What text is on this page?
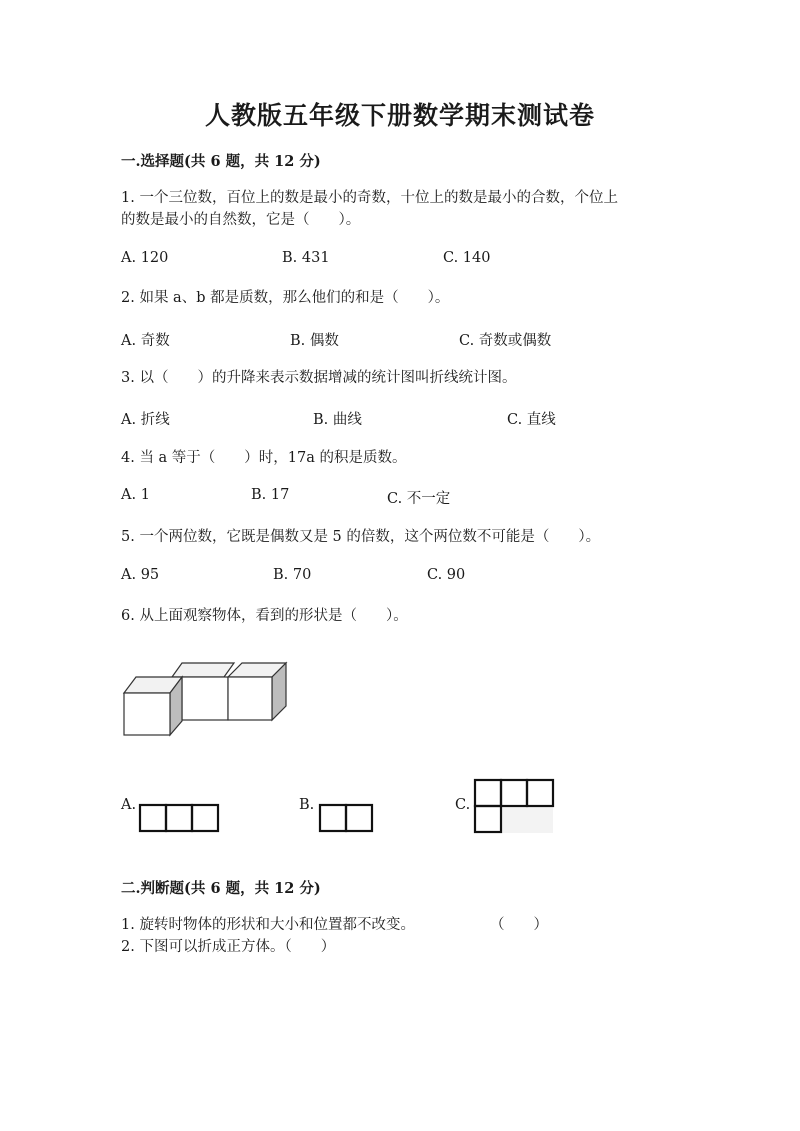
人教版五年级下册数学期末测试卷
一.选择题(共 6 题，共 12 分)
1. 一个三位数，百位上的数是最小的奇数，十位上的数是最小的合数，个位上
的数是最小的自然数，它是（　　）。
A. 120	B. 431	C. 140
2. 如果 a、b 都是质数，那么他们的和是（　　）。
A. 奇数	B. 偶数	C. 奇数或偶数
3. 以（　　）的升降来表示数据增减的统计图叫折线统计图。
A. 折线	B. 曲线	C. 直线
4. 当 a 等于（　　）时，17a 的积是质数。
A. 1	B. 17	C. 不一定
5. 一个两位数，它既是偶数又是 5 的倍数，这个两位数不可能是（　　）。
A. 95	B. 70	C. 90
6. 从上面观察物体，看到的形状是（　　）。
A.	B.	C.
二.判断题(共 6 题，共 12 分)
1. 旋转时物体的形状和大小和位置都不改变。	（　　）
2. 下图可以折成正方体。（　　）
